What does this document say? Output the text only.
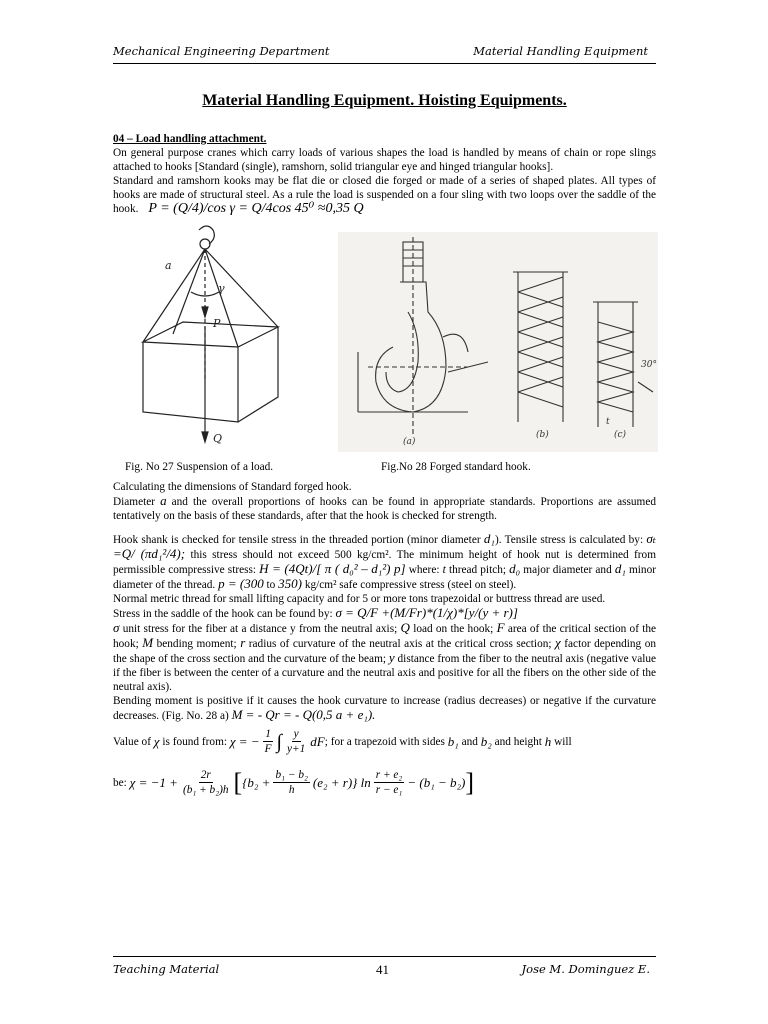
Mechanical Engineering Department	Material Handling Equipment
Material Handling Equipment. Hoisting Equipments.

04 – Load handling attachment.

On general purpose cranes which carry loads of various shapes the load is handled by means of chain or rope slings attached to hooks [Standard (single), ramshorn, solid triangular eye and hinged triangular hooks].

Standard and ramshorn kooks may be flat die or closed die forged or made of a series of shaped plates. All types of hooks are made of structural steel. As a rule the load is suspended on a four sling with two loops over the saddle of the hook. P = (Q/4)/cos γ = Q/4cos 45⁰ ≈0,35 Q

a
γ
P
Q	(a)
(b)	(c)
30°
t
Fig. No 27 Suspension of a load.	Fig.No 28 Forged standard hook.

Calculating the dimensions of Standard forged hook.

Diameter a and the overall proportions of hooks can be found in appropriate standards. Proportions are assumed tentatively on the basis of these standards, after that the hook is checked for strength.

Hook shank is checked for tensile stress in the threaded portion (minor diameter d₁). Tensile stress is calculated by: σₜ =Q/ (πd₁²/4); this stress should not exceed 500 kg/cm². The minimum height of hook nut is determined from permissible compressive stress: H = (4Qt)/[ π ( d₀² – d₁²) p] where: t thread pitch; d₀ major diameter and d₁ minor diameter of the thread. p = (300 to 350) kg/cm² safe compressive stress (steel on steel).

Normal metric thread for small lifting capacity and for 5 or more tons trapezoidal or buttress thread are used.

Stress in the saddle of the hook can be found by: σ = Q/F +(M/Fr)*(1/χ)*[y/(y + r)]

σ unit stress for the fiber at a distance y from the neutral axis; Q load on the hook; F area of the critical section of the hook; M bending moment; r radius of curvature of the neutral axis at the critical cross section; χ factor depending on the shape of the cross section and the curvature of the beam; y distance from the fiber to the neutral axis (negative value if the fiber is between the center of a curvature and the neutral axis and positive for all the fibers on the other side of the neutral axis).

Bending moment is positive if it causes the hook curvature to increase (radius decreases) or negative if the curvature decreases. (Fig. No. 28 a) M = - Qr = - Q(0,5 a + e₁).

Value of
χ
is found from:
χ = − $\frac{1}{F}$ ∫ $\frac{y}{y+1}$ dF ; for a trapezoid with sides
b₁
and
b₂
and height
h
will
be:
$\chi = -1 + \frac{2r}{\text{(b₁ + b₂)h}}$ [ $\{b_2 + \frac{\text{b₁ − b₂}}{h} (e_2 + r)\}$ $\ln \frac{\text{r + e₂}}{\text{r − e₁}} - (b_1 - b_2)$ ]
Teaching Material	41	Jose M. Dominguez E.
